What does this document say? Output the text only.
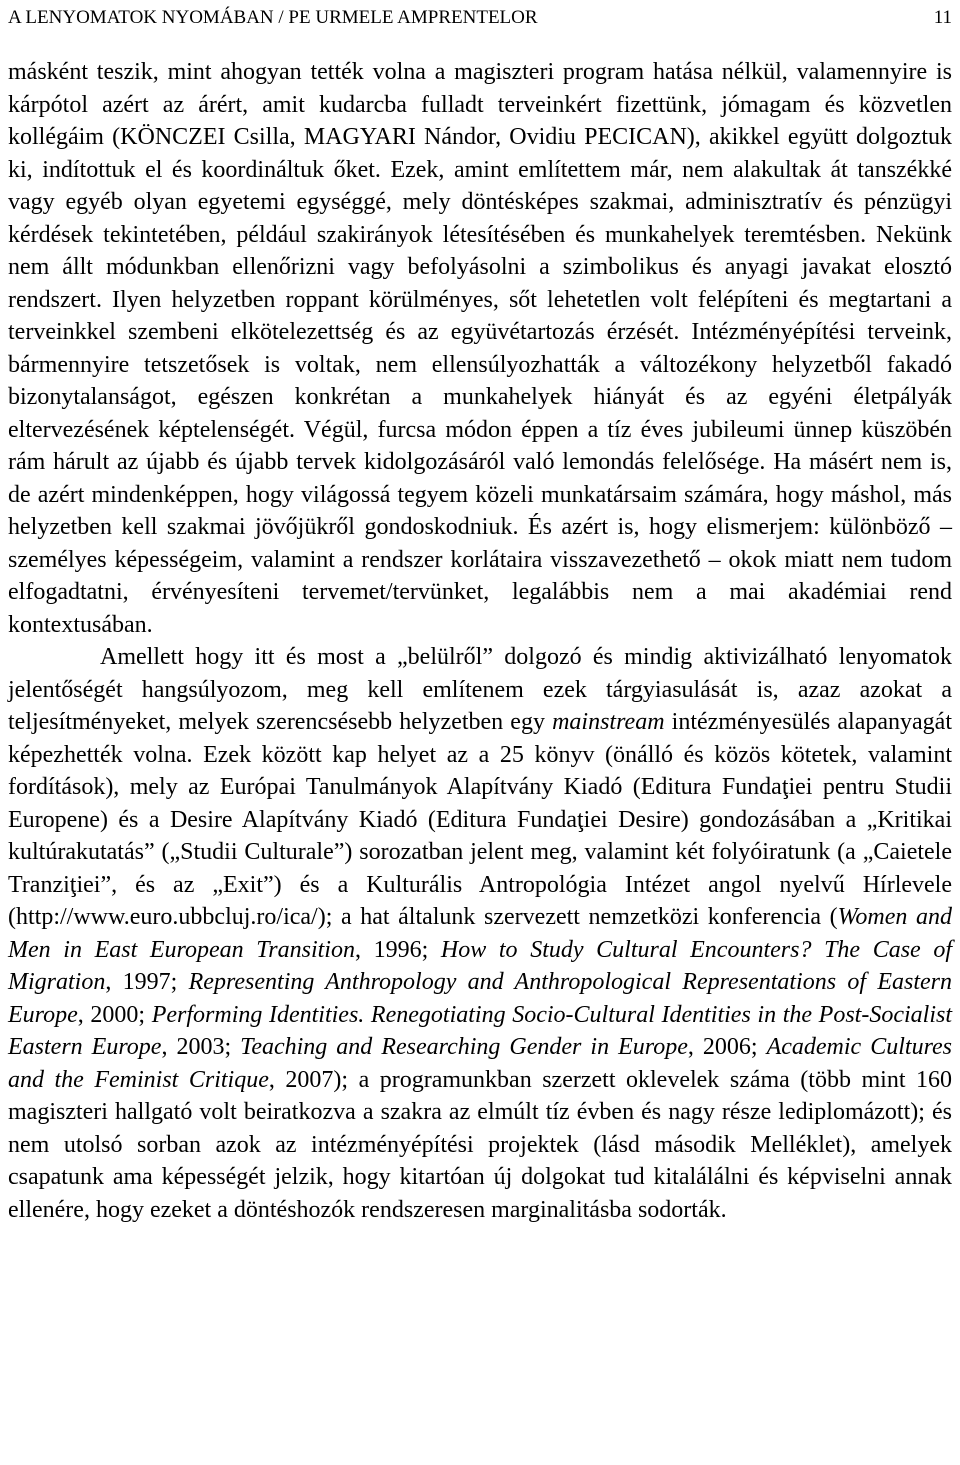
A LENYOMATOK NYOMÁBAN / PE URMELE AMPRENTELOR	11

másként teszik, mint ahogyan tették volna a magiszteri program hatása nélkül, valamennyire is kárpótol azért az árért, amit kudarcba fulladt terveinkért fizettünk, jómagam és közvetlen kollégáim (KÖNCZEI Csilla, MAGYARI Nándor, Ovidiu PECICAN), akikkel együtt dolgoztuk ki, indítottuk el és koordináltuk őket. Ezek, amint említettem már, nem alakultak át tanszékké vagy egyéb olyan egyetemi egységgé, mely döntésképes szakmai, adminisztratív és pénzügyi kérdések tekintetében, például szakirányok létesítésében és munkahelyek teremtésben. Nekünk nem állt módunkban ellenőrizni vagy befolyásolni a szimbolikus és anyagi javakat elosztó rendszert. Ilyen helyzetben roppant körülményes, sőt lehetetlen volt felépíteni és megtartani a terveinkkel szembeni elkötelezettség és az együvétartozás érzését. Intézményépítési terveink, bármennyire tetszetősek is voltak, nem ellensúlyozhatták a változékony helyzetből fakadó bizonytalanságot, egészen konkrétan a munkahelyek hiányát és az egyéni életpályák eltervezésének képtelenségét. Végül, furcsa módon éppen a tíz éves jubileumi ünnep küszöbén rám hárult az újabb és újabb tervek kidolgozásáról való lemondás felelősége. Ha másért nem is, de azért mindenképpen, hogy világossá tegyem közeli munkatársaim számára, hogy máshol, más helyzetben kell szakmai jövőjükről gondoskodniuk. És azért is, hogy elismerjem: különböző – személyes képességeim, valamint a rendszer korlátaira visszavezethető – okok miatt nem tudom elfogadtatni, érvényesíteni tervemet/tervünket, legalábbis nem a mai akadémiai rend kontextusában.

Amellett hogy itt és most a „belülről” dolgozó és mindig aktivizálható lenyomatok jelentőségét hangsúlyozom, meg kell említenem ezek tárgyiasulását is, azaz azokat a teljesítményeket, melyek szerencsésebb helyzetben egy mainstream intézményesülés alapanyagát képezhették volna. Ezek között kap helyet az a 25 könyv (önálló és közös kötetek, valamint fordítások), mely az Európai Tanulmányok Alapítvány Kiadó (Editura Fundaţiei pentru Studii Europene) és a Desire Alapítvány Kiadó (Editura Fundaţiei Desire) gondozásában a „Kritikai kultúrakutatás” („Studii Culturale”) sorozatban jelent meg, valamint két folyóiratunk (a „Caietele Tranziţiei”, és az „Exit”) és a Kulturális Antropológia Intézet angol nyelvű Hírlevele (http://www.euro.ubbcluj.ro/ica/); a hat általunk szervezett nemzetközi konferencia (Women and Men in East European Transition, 1996; How to Study Cultural Encounters? The Case of Migration, 1997; Representing Anthropology and Anthropological Representations of Eastern Europe, 2000; Performing Identities. Renegotiating Socio-Cultural Identities in the Post-Socialist Eastern Europe, 2003; Teaching and Researching Gender in Europe, 2006; Academic Cultures and the Feminist Critique, 2007); a programunkban szerzett oklevelek száma (több mint 160 magiszteri hallgató volt beiratkozva a szakra az elmúlt tíz évben és nagy része lediplomázott); és nem utolsó sorban azok az intézményépítési projektek (lásd második Melléklet), amelyek csapatunk ama képességét jelzik, hogy kitartóan új dolgokat tud kitalálálni és képviselni annak ellenére, hogy ezeket a döntéshozók rendszeresen marginalitásba sodorták.
